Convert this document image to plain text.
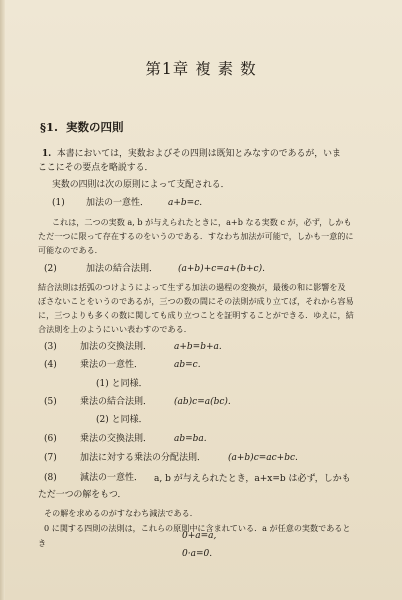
第1章 複 素 数
§1. 実数の四則
1. 本書においては，実数およびその四則は既知とみなすのであるが，いま
ここにその要点を略説する．
実数の四則は次の原則によって支配される．
(1) 加法の一意性． a+b=c.
これは，二つの実数 a, b が与えられたときに，a+b なる実数 c が，必ず，しかも
ただ一つに限って存在するのをいうのである．すなわち加法が可能で，しかも一意的に
可能なのである．
(2)	加法の結合法則． (a+b)+c=a+(b+c).
結合法則は括弧のつけようによって生ずる加法の過程の変換が，最後の和に影響を及
ぼさないことをいうのであるが，三つの数の間にその法則が成り立てば，それから容易
に，三つよりも多くの数に関しても成り立つことを証明することができる．ゆえに，結
合法則を上のようにいい表わすのである．
(3)	加法の交換法則． a+b=b+a.
(4)	乗法の一意性．	ab=c.
(1) と同様．
(5)	乗法の結合法則． (ab)c=a(bc).
(2) と同様．
(6)	乗法の交換法則． ab=ba.
(7)	加法に対する乗法の分配法則． (a+b)c=ac+bc.
(8)	減法の一意性． a, b が与えられたとき，a+x=b は必ず，しかも
ただ一つの解をもつ．
その解を求めるのがすなわち減法である．
0 に関する四則の法則は，これらの原則中に含まれている．a が任意の実数であると
き
0+a=a,
0·a=0.
